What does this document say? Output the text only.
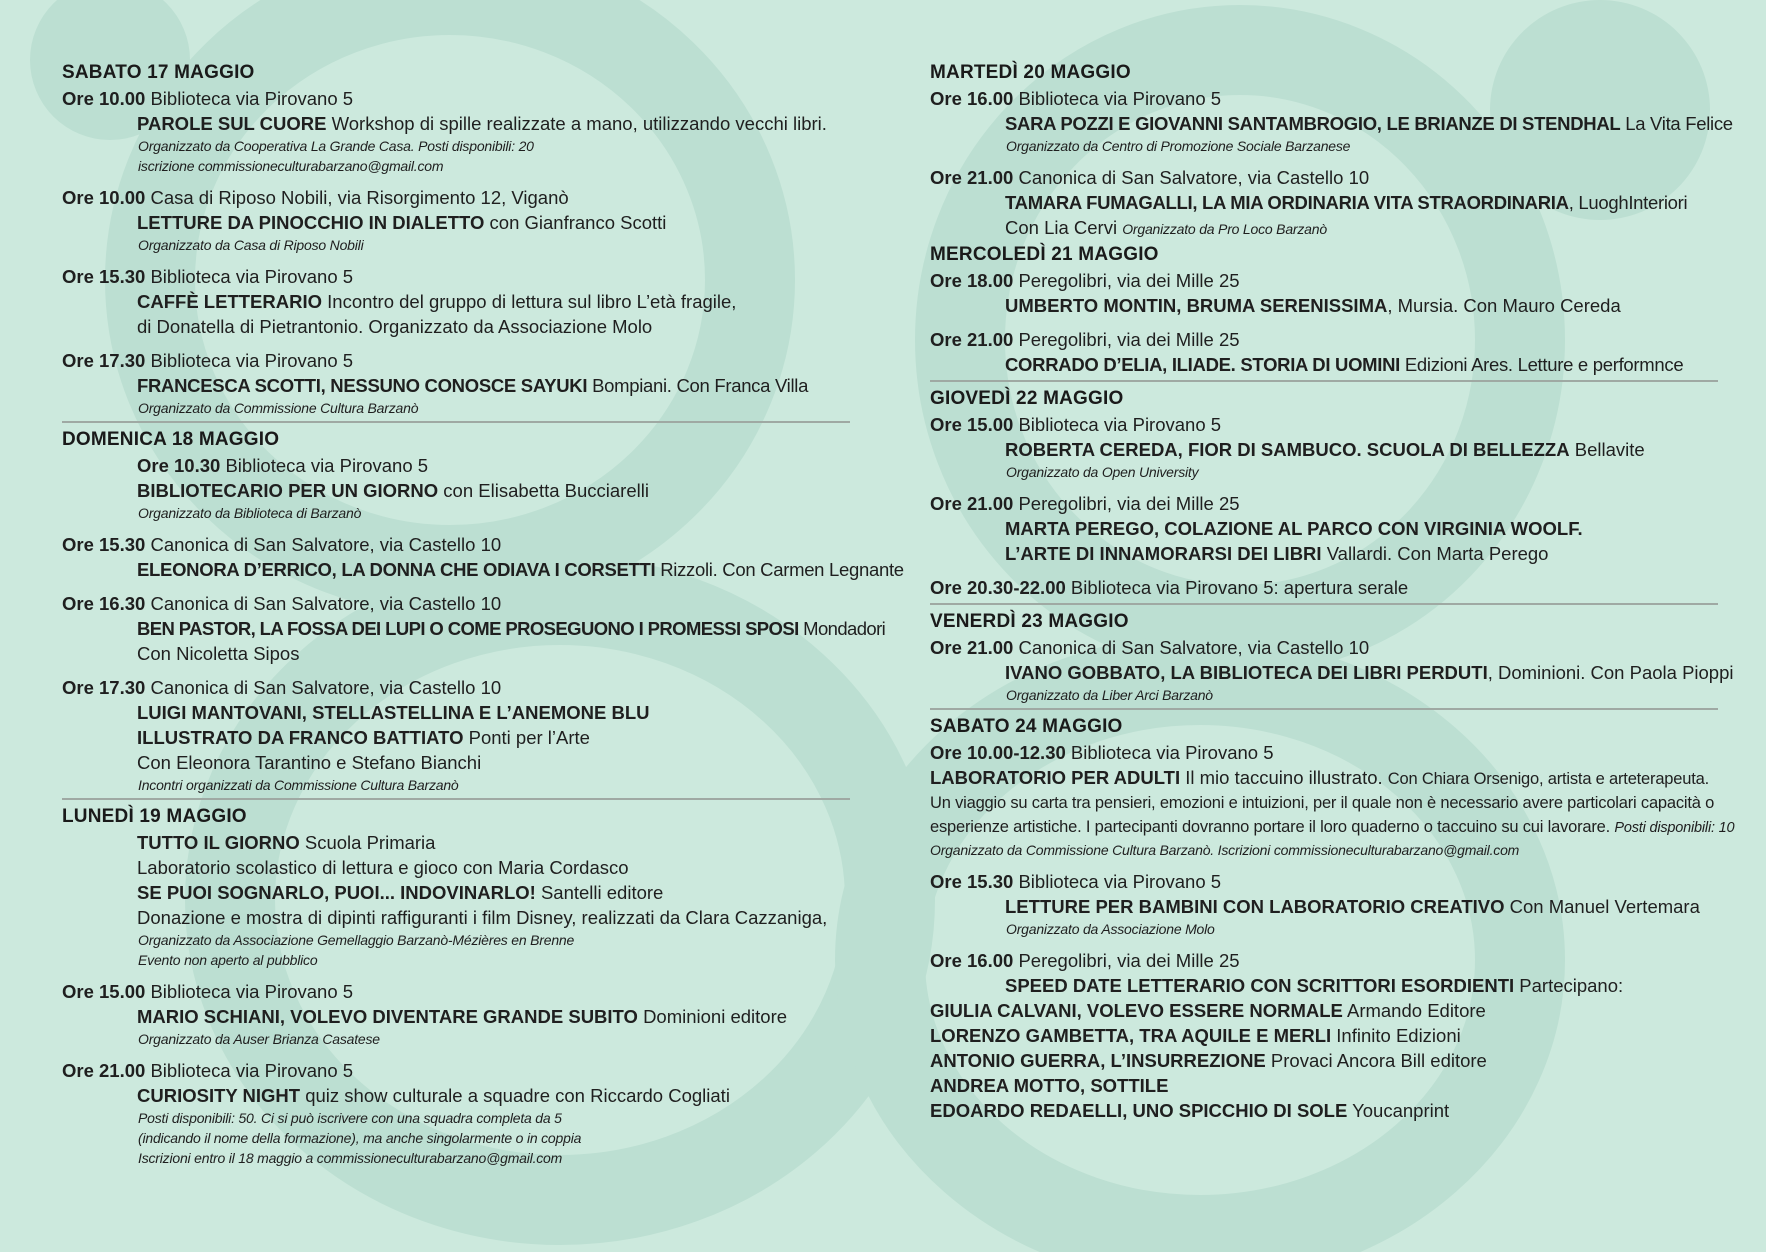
SABATO 17 MAGGIO
Ore 10.00 Biblioteca via Pirovano 5
PAROLE SUL CUORE Workshop di spille realizzate a mano, utilizzando vecchi libri.
Organizzato da Cooperativa La Grande Casa. Posti disponibili: 20
iscrizione commissioneculturabarzano@gmail.com
Ore 10.00 Casa di Riposo Nobili, via Risorgimento 12, Viganò
LETTURE DA PINOCCHIO IN DIALETTO con Gianfranco Scotti
Organizzato da Casa di Riposo Nobili
Ore 15.30 Biblioteca via Pirovano 5
CAFFÈ LETTERARIO Incontro del gruppo di lettura sul libro L’età fragile,
di Donatella di Pietrantonio. Organizzato da Associazione Molo
Ore 17.30 Biblioteca via Pirovano 5
FRANCESCA SCOTTI, NESSUNO CONOSCE SAYUKI Bompiani. Con Franca Villa
Organizzato da Commissione Cultura Barzanò
DOMENICA 18 MAGGIO
Ore 10.30 Biblioteca via Pirovano 5
BIBLIOTECARIO PER UN GIORNO con Elisabetta Bucciarelli
Organizzato da Biblioteca di Barzanò
Ore 15.30 Canonica di San Salvatore, via Castello 10
ELEONORA D’ERRICO, LA DONNA CHE ODIAVA I CORSETTI Rizzoli. Con Carmen Legnante
Ore 16.30 Canonica di San Salvatore, via Castello 10
BEN PASTOR, LA FOSSA DEI LUPI O COME PROSEGUONO I PROMESSI SPOSI Mondadori
Con Nicoletta Sipos
Ore 17.30 Canonica di San Salvatore, via Castello 10
LUIGI MANTOVANI, STELLASTELLINA E L’ANEMONE BLU
ILLUSTRATO DA FRANCO BATTIATO Ponti per l’Arte
Con Eleonora Tarantino e Stefano Bianchi
Incontri organizzati da Commissione Cultura Barzanò
LUNEDÌ 19 MAGGIO
TUTTO IL GIORNO Scuola Primaria
Laboratorio scolastico di lettura e gioco con Maria Cordasco
SE PUOI SOGNARLO, PUOI... INDOVINARLO! Santelli editore
Donazione e mostra di dipinti raffiguranti i film Disney, realizzati da Clara Cazzaniga,
Organizzato da Associazione Gemellaggio Barzanò-Mézières en Brenne
Evento non aperto al pubblico
Ore 15.00 Biblioteca via Pirovano 5
MARIO SCHIANI, VOLEVO DIVENTARE GRANDE SUBITO Dominioni editore
Organizzato da Auser Brianza Casatese
Ore 21.00 Biblioteca via Pirovano 5
CURIOSITY NIGHT quiz show culturale a squadre con Riccardo Cogliati
Posti disponibili: 50. Ci si può iscrivere con una squadra completa da 5
(indicando il nome della formazione), ma anche singolarmente o in coppia
Iscrizioni entro il 18 maggio a commissioneculturabarzano@gmail.com
MARTEDÌ 20 MAGGIO
Ore 16.00 Biblioteca via Pirovano 5
SARA POZZI E GIOVANNI SANTAMBROGIO, LE BRIANZE DI STENDHAL La Vita Felice
Organizzato da Centro di Promozione Sociale Barzanese
Ore 21.00 Canonica di San Salvatore, via Castello 10
TAMARA FUMAGALLI, LA MIA ORDINARIA VITA STRAORDINARIA, LuoghInteriori
Con Lia Cervi Organizzato da Pro Loco Barzanò
MERCOLEDÌ 21 MAGGIO
Ore 18.00 Peregolibri, via dei Mille 25
UMBERTO MONTIN, BRUMA SERENISSIMA, Mursia. Con Mauro Cereda
Ore 21.00 Peregolibri, via dei Mille 25
CORRADO D’ELIA, ILIADE. STORIA DI UOMINI Edizioni Ares. Letture e performnce
GIOVEDÌ 22 MAGGIO
Ore 15.00 Biblioteca via Pirovano 5
ROBERTA CEREDA, FIOR DI SAMBUCO. SCUOLA DI BELLEZZA Bellavite
Organizzato da Open University
Ore 21.00 Peregolibri, via dei Mille 25
MARTA PEREGO, COLAZIONE AL PARCO CON VIRGINIA WOOLF.
L’ARTE DI INNAMORARSI DEI LIBRI Vallardi. Con Marta Perego
Ore 20.30-22.00 Biblioteca via Pirovano 5: apertura serale
VENERDÌ 23 MAGGIO
Ore 21.00 Canonica di San Salvatore, via Castello 10
IVANO GOBBATO, LA BIBLIOTECA DEI LIBRI PERDUTI, Dominioni. Con Paola Pioppi
Organizzato da Liber Arci Barzanò
SABATO 24 MAGGIO
Ore 10.00-12.30 Biblioteca via Pirovano 5
LABORATORIO PER ADULTI Il mio taccuino illustrato. Con Chiara Orsenigo, artista e arteterapeuta.
Un viaggio su carta tra pensieri, emozioni e intuizioni, per il quale non è necessario avere particolari capacità o
esperienze artistiche. I partecipanti dovranno portare il loro quaderno o taccuino su cui lavorare. Posti disponibili: 10
Organizzato da Commissione Cultura Barzanò. Iscrizioni commissioneculturabarzano@gmail.com
Ore 15.30 Biblioteca via Pirovano 5
LETTURE PER BAMBINI CON LABORATORIO CREATIVO Con Manuel Vertemara
Organizzato da Associazione Molo
Ore 16.00 Peregolibri, via dei Mille 25
SPEED DATE LETTERARIO CON SCRITTORI ESORDIENTI Partecipano:
GIULIA CALVANI, VOLEVO ESSERE NORMALE Armando Editore
LORENZO GAMBETTA, TRA AQUILE E MERLI Infinito Edizioni
ANTONIO GUERRA, L’INSURREZIONE Provaci Ancora Bill editore
ANDREA MOTTO, SOTTILE
EDOARDO REDAELLI, UNO SPICCHIO DI SOLE Youcanprint
